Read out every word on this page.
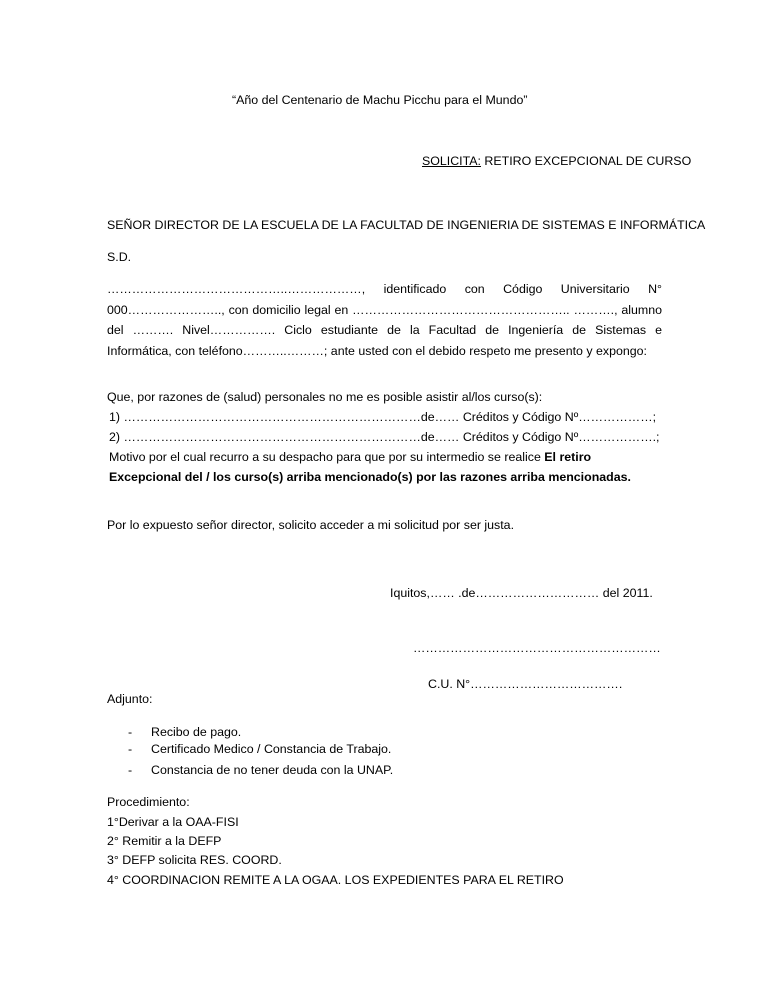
“Año del Centenario de Machu Picchu para el Mundo”
SOLICITA: RETIRO EXCEPCIONAL DE CURSO
SEÑOR DIRECTOR DE LA ESCUELA DE LA FACULTAD DE INGENIERIA DE SISTEMAS E INFORMÁTICA
S.D.
……………………………………..………………, identificado con Código Universitario N° 000………………….., con domicilio legal en …………………………………………….. ………., alumno del ………. Nivel……………. Ciclo estudiante de la Facultad de Ingeniería de Sistemas e Informática, con teléfono………..………; ante usted con el debido respeto me presento y expongo:
Que, por razones de (salud) personales no me es posible asistir al/los curso(s):
1) ………………………………………………………………de…… Créditos y Código Nº………………;
2) ………………………………………………………………de…… Créditos y Código Nº……………….;
Motivo por el cual recurro a su despacho para que por su intermedio se realice El retiro
Excepcional del / los curso(s) arriba mencionado(s) por las razones arriba mencionadas.
Por lo expuesto señor director, solicito acceder a mi solicitud por ser justa.
Iquitos,…… .de………………………… del 2011.
……………………………………………………
C.U. N°……………………………….
Adjunto:
- Recibo de pago.
- Certificado Medico / Constancia de Trabajo.
- Constancia de no tener deuda con la UNAP.
Procedimiento:
1°Derivar a la OAA-FISI
2° Remitir a la DEFP
3° DEFP solicita RES. COORD.
4° COORDINACION REMITE A LA OGAA. LOS EXPEDIENTES PARA EL RETIRO
